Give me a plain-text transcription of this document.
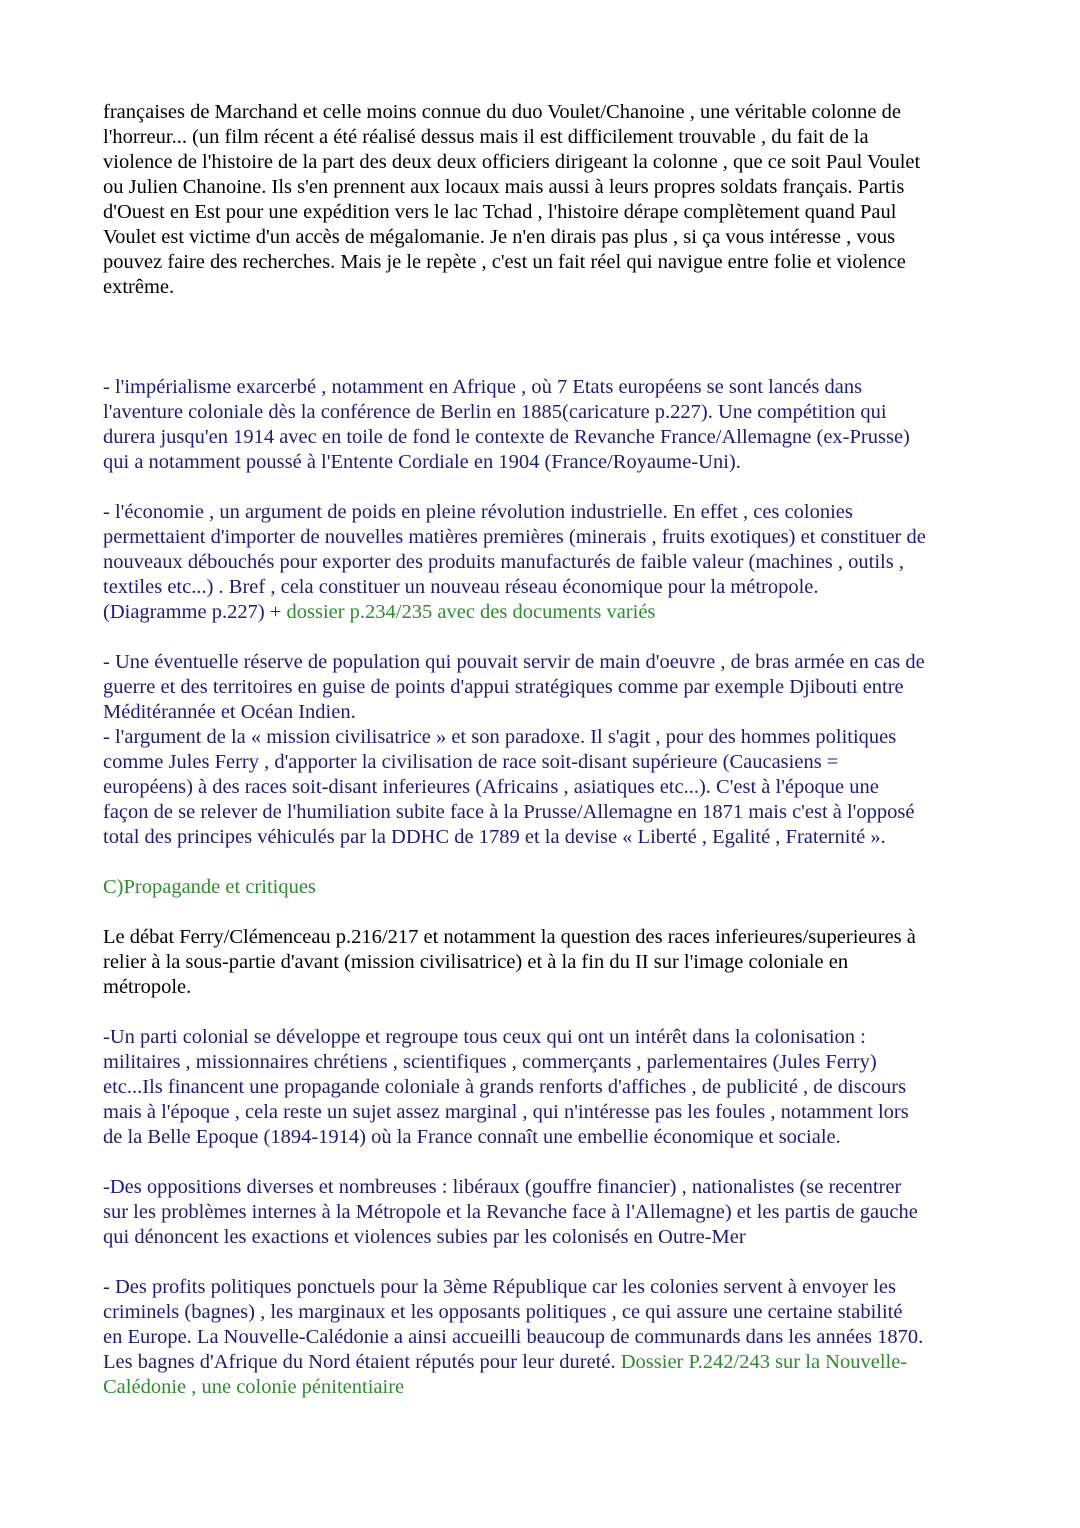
françaises de Marchand et celle moins connue du duo Voulet/Chanoine , une véritable colonne de
l'horreur... (un film récent a été réalisé dessus mais il est difficilement trouvable , du fait de la
violence de l'histoire de la part des deux deux officiers dirigeant la colonne , que ce soit Paul Voulet
ou Julien Chanoine. Ils s'en prennent aux locaux mais aussi à leurs propres soldats français. Partis
d'Ouest en Est pour une expédition vers le lac Tchad , l'histoire dérape complètement quand Paul
Voulet est victime d'un accès de mégalomanie. Je n'en dirais pas plus , si ça vous intéresse , vous
pouvez faire des recherches. Mais je le repète , c'est un fait réel qui navigue entre folie et violence
extrême.

- l'impérialisme exarcerbé , notamment en Afrique , où 7 Etats européens se sont lancés dans
l'aventure coloniale dès la conférence de Berlin en 1885(caricature p.227). Une compétition qui
durera jusqu'en 1914 avec en toile de fond le contexte de Revanche France/Allemagne (ex-Prusse)
qui a notamment poussé à l'Entente Cordiale en 1904 (France/Royaume-Uni).

- l'économie , un argument de poids en pleine révolution industrielle. En effet , ces colonies
permettaient d'importer de nouvelles matières premières (minerais , fruits exotiques) et constituer de
nouveaux débouchés pour exporter des produits manufacturés de faible valeur (machines , outils ,
textiles etc...) . Bref , cela constituer un nouveau réseau économique pour la métropole.
(Diagramme p.227) + dossier p.234/235 avec des documents variés

- Une éventuelle réserve de population qui pouvait servir de main d'oeuvre , de bras armée en cas de
guerre et des territoires en guise de points d'appui stratégiques comme par exemple Djibouti entre
Méditérannée et Océan Indien.
- l'argument de la « mission civilisatrice » et son paradoxe. Il s'agit , pour des hommes politiques
comme Jules Ferry , d'apporter la civilisation de race soit-disant supérieure (Caucasiens =
européens) à des races soit-disant inferieures (Africains , asiatiques etc...). C'est à l'époque une
façon de se relever de l'humiliation subite face à la Prusse/Allemagne en 1871 mais c'est à l'opposé
total des principes véhiculés par la DDHC de 1789 et la devise « Liberté , Egalité , Fraternité ».

C)Propagande et critiques

Le débat Ferry/Clémenceau p.216/217 et notamment la question des races inferieures/superieures à
relier à la sous-partie d'avant (mission civilisatrice) et à la fin du II sur l'image coloniale en
métropole.

-Un parti colonial se développe et regroupe tous ceux qui ont un intérêt dans la colonisation :
militaires , missionnaires chrétiens , scientifiques , commerçants , parlementaires (Jules Ferry)
etc...Ils financent une propagande coloniale à grands renforts d'affiches , de publicité , de discours
mais à l'époque , cela reste un sujet assez marginal , qui n'intéresse pas les foules , notamment lors
de la Belle Epoque (1894-1914) où la France connaît une embellie économique et sociale.

-Des oppositions diverses et nombreuses : libéraux (gouffre financier) , nationalistes (se recentrer
sur les problèmes internes à la Métropole et la Revanche face à l'Allemagne) et les partis de gauche
qui dénoncent les exactions et violences subies par les colonisés en Outre-Mer

- Des profits politiques ponctuels pour la 3ème République car les colonies servent à envoyer les
criminels (bagnes) , les marginaux et les opposants politiques , ce qui assure une certaine stabilité
en Europe. La Nouvelle-Calédonie a ainsi accueilli beaucoup de communards dans les années 1870.
Les bagnes d'Afrique du Nord étaient réputés pour leur dureté. Dossier P.242/243 sur la Nouvelle-
Calédonie , une colonie pénitentiaire
